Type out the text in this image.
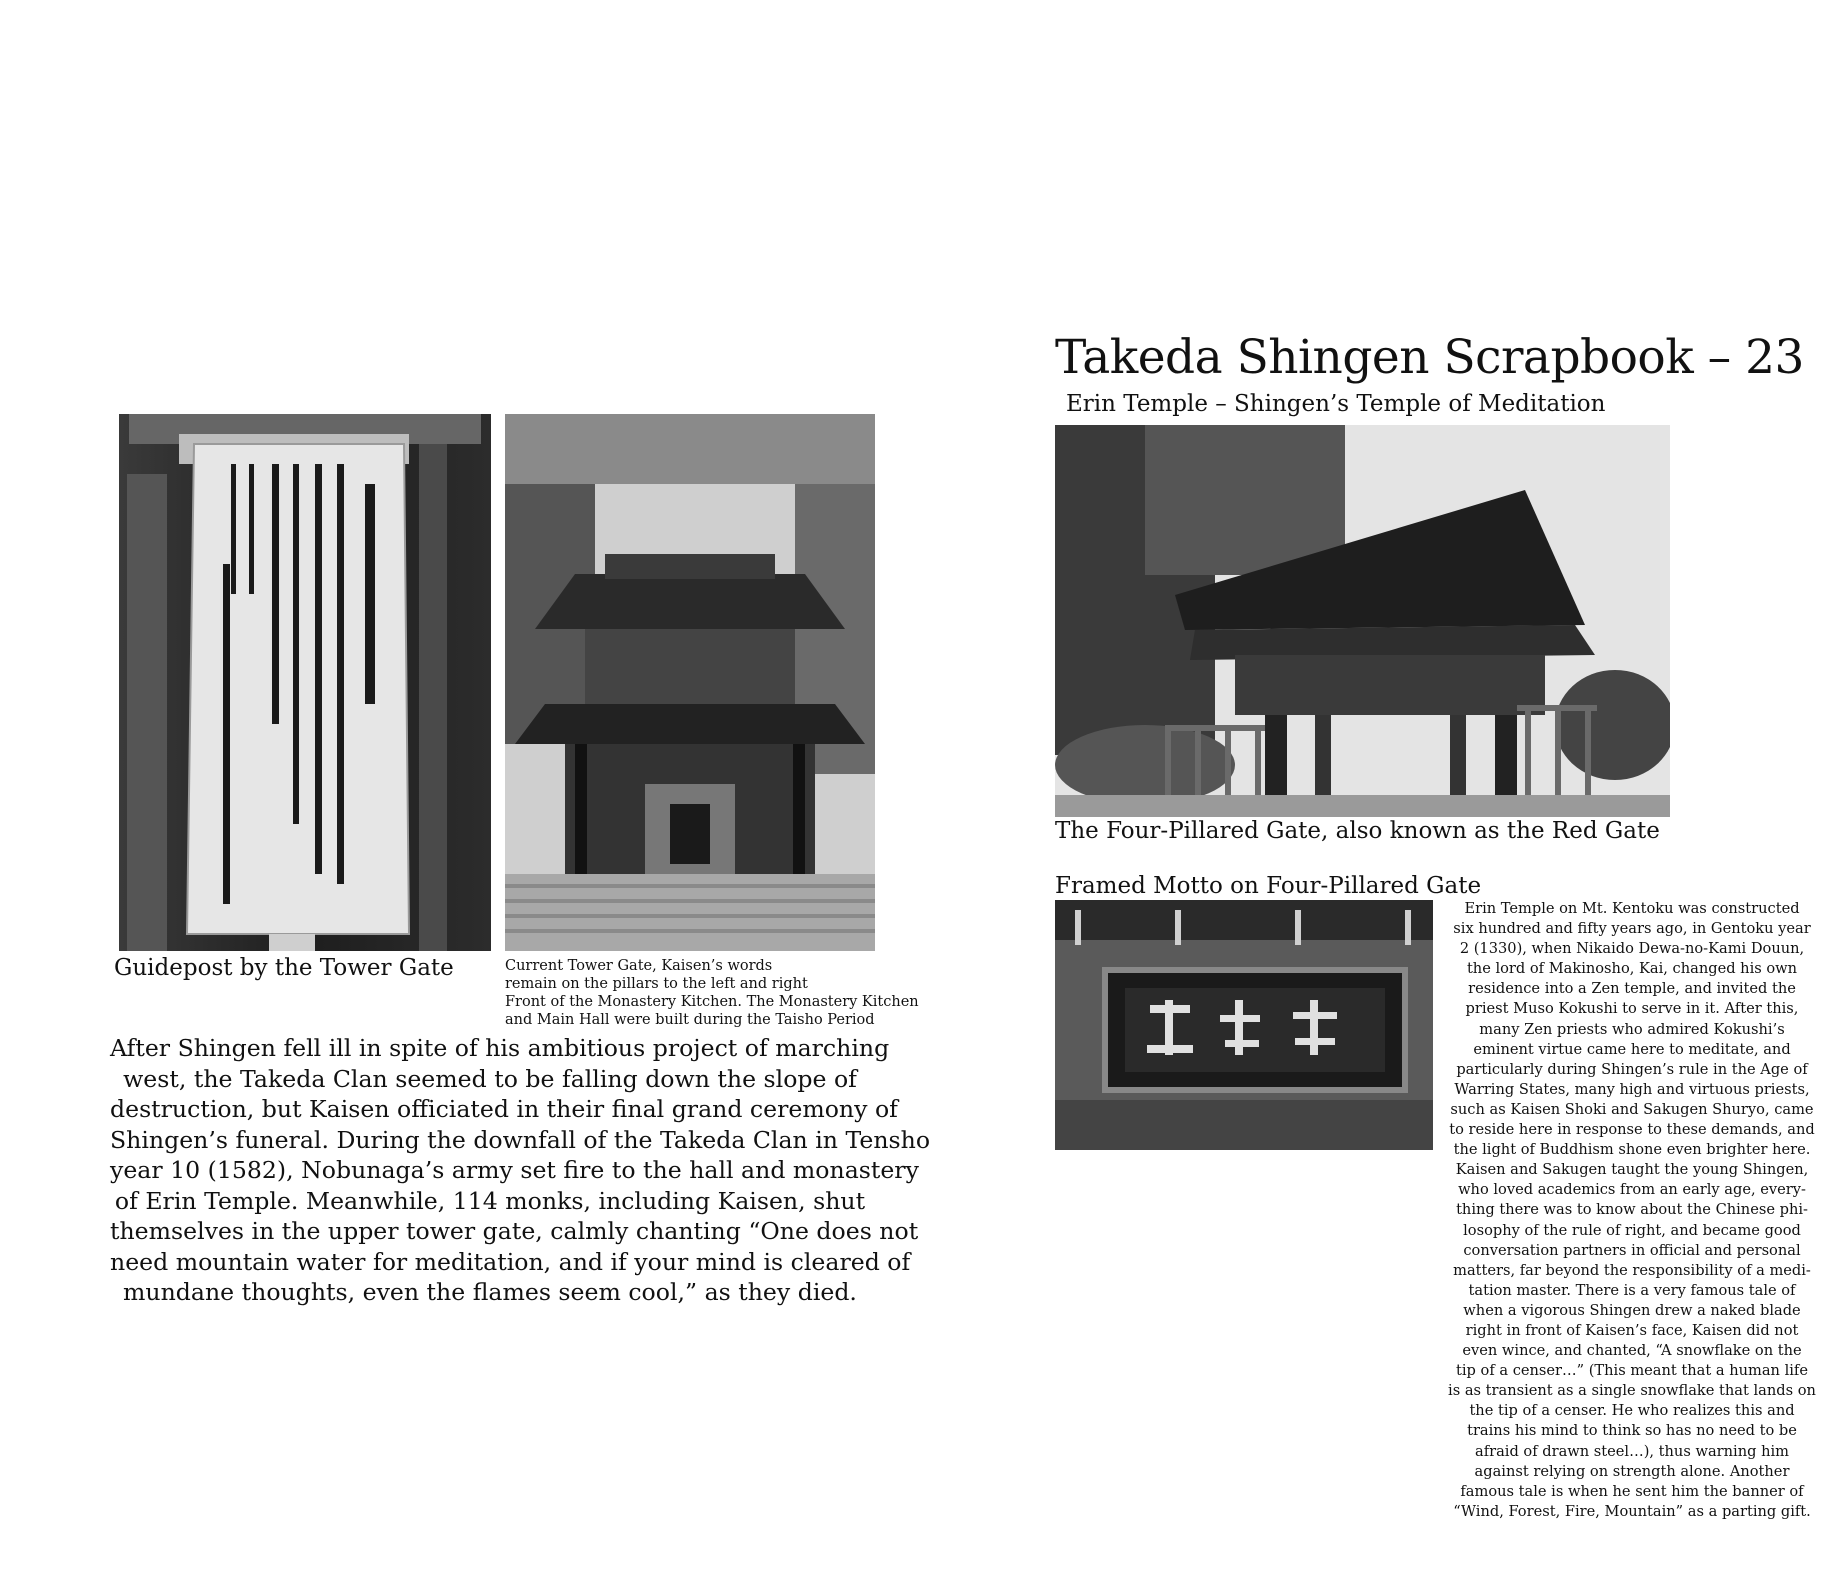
Guidepost by the Tower Gate	Current Tower Gate, Kaisen’s words
remain on the pillars to the left and right
Front of the Monastery Kitchen. The Monastery Kitchen
and Main Hall were built during the Taisho Period
After Shingen fell ill in spite of his ambitious project of marching
west, the Takeda Clan seemed to be falling down the slope of
destruction, but Kaisen officiated in their final grand ceremony of
Shingen’s funeral. During the downfall of the Takeda Clan in Tensho
year 10 (1582), Nobunaga’s army set fire to the hall and monastery
of Erin Temple. Meanwhile, 114 monks, including Kaisen, shut
themselves in the upper tower gate, calmly chanting “One does not
need mountain water for meditation, and if your mind is cleared of
mundane thoughts, even the flames seem cool,” as they died.
Takeda Shingen Scrapbook – 23
Erin Temple – Shingen’s Temple of Meditation
The Four-Pillared Gate, also known as the Red Gate
Framed Motto on Four-Pillared Gate
Erin Temple on Mt. Kentoku was constructed
six hundred and fifty years ago, in Gentoku year
2 (1330), when Nikaido Dewa-no-Kami Douun,
the lord of Makinosho, Kai, changed his own
residence into a Zen temple, and invited the
priest Muso Kokushi to serve in it. After this,
many Zen priests who admired Kokushi’s
eminent virtue came here to meditate, and
particularly during Shingen’s rule in the Age of
Warring States, many high and virtuous priests,
such as Kaisen Shoki and Sakugen Shuryo, came
to reside here in response to these demands, and
the light of Buddhism shone even brighter here.
Kaisen and Sakugen taught the young Shingen,
who loved academics from an early age, every-
thing there was to know about the Chinese phi-
losophy of the rule of right, and became good
conversation partners in official and personal
matters, far beyond the responsibility of a medi-
tation master. There is a very famous tale of
when a vigorous Shingen drew a naked blade
right in front of Kaisen’s face, Kaisen did not
even wince, and chanted, “A snowflake on the
tip of a censer…” (This meant that a human life
is as transient as a single snowflake that lands on
the tip of a censer. He who realizes this and
trains his mind to think so has no need to be
afraid of drawn steel…), thus warning him
against relying on strength alone. Another
famous tale is when he sent him the banner of
“Wind, Forest, Fire, Mountain” as a parting gift.
